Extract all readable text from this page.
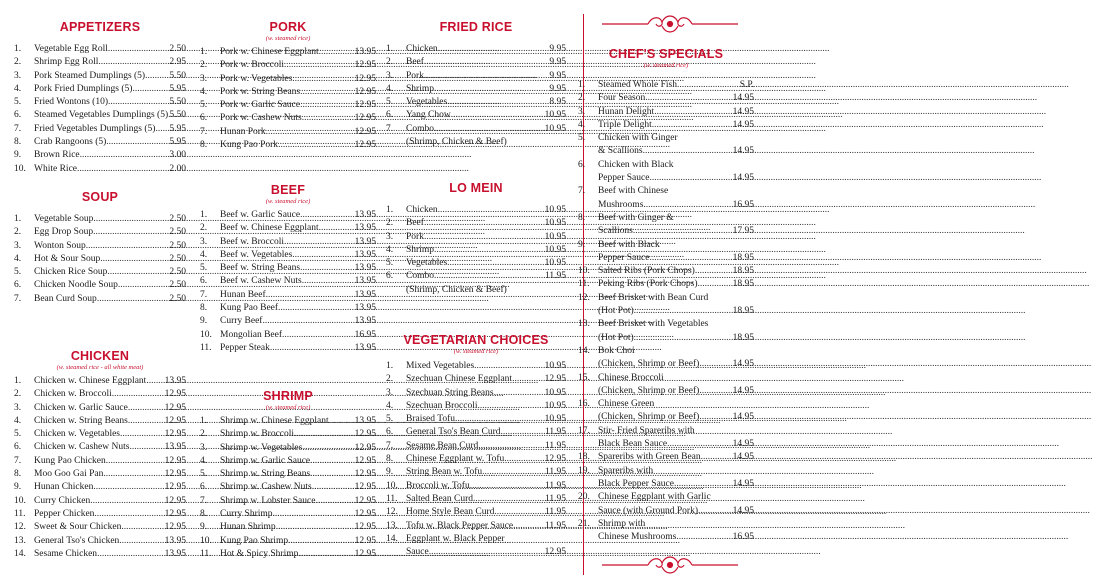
APPETIZERS
1.	Vegetable Egg Roll .....	2.50
2.	Shrimp Egg Roll .....	2.95
3.	Pork Steamed Dumplings (5) .....	5.50
4.	Pork Fried Dumplings (5) .....	5.95
5.	Fried Wontons (10) .....	5.50
6.	Steamed Vegetables Dumplings (5) ..... 5.50
7.	Fried Vegetables Dumplings (5) ..... 5.95
8.	Crab Rangoons (5) .....	5.95
9.	Brown Rice .....	3.00
10. White Rice .....	2.00
SOUP
1.	Vegetable Soup .....	2.50
2.	Egg Drop Soup .....	2.50
3.	Wonton Soup .....	2.50
4.	Hot & Sour Soup .....	2.50
5.	Chicken Rice Soup .....	2.50
6.	Chicken Noodle Soup .....	2.50
7.	Bean Curd Soup .....	2.50
CHICKEN
(w. steamed rice - all white meat)
1.	Chicken w. Chinese Eggplant ..... 13.95
2.	Chicken w. Broccoli .....	12.95
3.	Chicken w. Garlic Sauce .....	12.95
4.	Chicken w. String Beans .....	12.95
5.	Chicken w. Vegetables .....	12.95
6.	Chicken w. Cashew Nuts .....	13.95
7.	Kung Pao Chicken .....	12.95
8.	Moo Goo Gai Pan .....	12.95
9.	Hunan Chicken .....	12.95
10. Curry Chicken .....	12.95
11. Pepper Chicken .....	12.95
12. Sweet & Sour Chicken .....	12.95
13. General Tso's Chicken .....	13.95
14. Sesame Chicken .....	13.95
PORK
(w. steamed rice)
1.	Pork w. Chinese Eggplant .....	13.95
2.	Pork w. Broccoli .....	12.95
3.	Pork w. Vegetables .....	12.95
4.	Pork w. String Beans .....	12.95
5.	Pork w. Garlic Sauce .....	12.95
6.	Pork w. Cashew Nuts .....	12.95
7.	Hunan Pork .....	12.95
8.	Kung Pao Pork .....	12.95
BEEF
(w. steamed rice)
1.	Beef w. Garlic Sauce .....	13.95
2.	Beef w. Chinese Eggplant .....	13.95
3.	Beef w. Broccoli .....	13.95
4.	Beef w. Vegetables .....	13.95
5.	Beef w. String Beans .....	13.95
6.	Beef w. Cashew Nuts .....	13.95
7.	Hunan Beef .....	13.95
8.	Kung Pao Beef .....	13.95
9.	Curry Beef .....	13.95
10. Mongolian Beef .....	16.95
11. Pepper Steak .....	13.95
SHRIMP
(w. steamed rice)
1.	Shrimp w. Chinese Eggplant .....	13.95
2.	Shrimp w. Broccoli .....	12.95
3.	Shrimp w. Vegetables .....	12.95
4.	Shrimp w. Garlic Sauce .....	12.95
5.	Shrimp w. String Beans .....	12.95
6.	Shrimp w. Cashew Nuts .....	12.95
7.	Shrimp w. Lobster Sauce .....	12.95
8.	Curry Shrimp .....	12.95
9.	Hunan Shrimp .....	12.95
10. Kung Pao Shrimp .....	12.95
11. Hot & Spicy Shrimp .....	12.95
FRIED RICE
1.	Chicken .....	9.95
2.	Beef .....	9.95
3.	Pork .....	9.95
4.	Shrimp .....	9.95
5.	Vegetables .....	8.95
6.	Yang Chow .....	10.95
7.	Combo .....	10.95
(Shrimp, Chicken & Beef)
LO MEIN
1.	Chicken .....	10.95
2.	Beef .....	10.95
3.	Pork .....	10.95
4.	Shrimp .....	10.95
5.	Vegetables .....	10.95
6.	Combo .....	11.95
(Shrimp, Chicken & Beef)
VEGETARIAN CHOICES
(w. steamed rice)
1.	Mixed Vegetables .....	10.95
2.	Szechuan Chinese Eggplant .....	12.95
3.	Szechuan String Beans .....	10.95
4.	Szechuan Broccoli .....	10.95
5.	Braised Tofu .....	10.95
6.	General Tso's Bean Curd .....	11.95
7.	Sesame Bean Curd .....	11.95
8.	Chinese Eggplant w. Tofu .....	12.95
9.	String Bean w. Tofu .....	11.95
10. Broccoli w. Tofu .....	11.95
11. Salted Bean Curd .....	11.95
12. Home Style Bean Curd .....	11.95
13. Tofu w. Black Pepper Sauce .....	11.95
14. Eggplant w. Black Pepper
Sauce .....	12.95
CHEF'S SPECIALS
(w. steamed rice)
1.	Steamed Whole Fish .....	S.P.
2.	Four Season .....	14.95
3.	Hunan Delight .....	14.95
4.	Triple Delight .....	14.95
5.	Chicken with Ginger
& Scallions .....	14.95
6.	Chicken with Black
Pepper Sauce .....	14.95
7.	Beef with Chinese
Mushrooms .....	16.95
8.	Beef with Ginger &
Scallions .....	17.95
9.	Beef with Black
Pepper Sauce .....	18.95
10. Salted Ribs (Pork Chops) .....	18.95
11. Peking Ribs (Pork Chops) .....	18.95
12. Beef Brisket with Bean Curd
(Hot Pot) .....	18.95
13. Beef Brisket with Vegetables
(Hot Pot) .....	18.95
14. Bok Choi
(Chicken, Shrimp or Beef) .....	14.95
15. Chinese Broccoli
(Chicken, Shrimp or Beef) .....	14.95
16. Chinese Green
(Chicken, Shrimp or Beef) .....	14.95
17. Stir- Fried Spareribs with
Black Bean Sauce .....	14.95
18. Spareribs with Green Bean .....	14.95
19. Spareribs with
Black Pepper Sauce .....	14.95
20. Chinese Eggplant with Garlic
Sauce (with Ground Pork) .....	14.95
21. Shrimp with
Chinese Mushrooms .....	16.95
